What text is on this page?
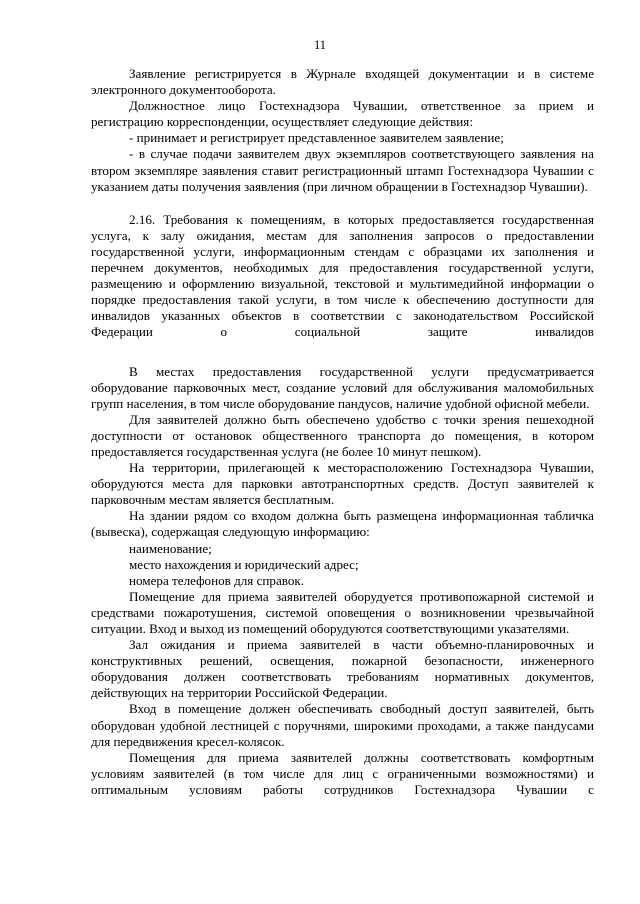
11

Заявление регистрируется в Журнале входящей документации и в системе электронного документооборота.

Должностное лицо Гостехнадзора Чувашии, ответственное за прием и регистрацию корреспонденции, осуществляет следующие действия:

- принимает и регистрирует представленное заявителем заявление;

- в случае подачи заявителем двух экземпляров соответствующего заявления на втором экземпляре заявления ставит регистрационный штамп Гостехнадзора Чувашии с указанием даты получения заявления (при личном обращении в Гостехнадзор Чувашии).

2.16. Требования к помещениям, в которых предоставляется государственная услуга, к залу ожидания, местам для заполнения запросов о предоставлении государственной услуги, информационным стендам с образцами их заполнения и перечнем документов, необходимых для предоставления государственной услуги, размещению и оформлению визуальной, текстовой и мультимедийной информации о порядке предоставления такой услуги, в том числе к обеспечению доступности для инвалидов указанных объектов в соответствии с законодательством Российской Федерации о социальной защите инвалидов

В местах предоставления государственной услуги предусматривается оборудование парковочных мест, создание условий для обслуживания маломобильных групп населения, в том числе оборудование пандусов, наличие удобной офисной мебели.

Для заявителей должно быть обеспечено удобство с точки зрения пешеходной доступности от остановок общественного транспорта до помещения, в котором предоставляется государственная услуга (не более 10 минут пешком).

На территории, прилегающей к месторасположению Гостехнадзора Чувашии, оборудуются места для парковки автотранспортных средств. Доступ заявителей к парковочным местам является бесплатным.

На здании рядом со входом должна быть размещена информационная табличка (вывеска), содержащая следующую информацию:

наименование;

место нахождения и юридический адрес;

номера телефонов для справок.

Помещение для приема заявителей оборудуется противопожарной системой и средствами пожаротушения, системой оповещения о возникновении чрезвычайной ситуации. Вход и выход из помещений оборудуются соответствующими указателями.

Зал ожидания и приема заявителей в части объемно-планировочных и конструктивных решений, освещения, пожарной безопасности, инженерного оборудования должен соответствовать требованиям нормативных документов, действующих на территории Российской Федерации.

Вход в помещение должен обеспечивать свободный доступ заявителей, быть оборудован удобной лестницей с поручнями, широкими проходами, а также пандусами для передвижения кресел-колясок.

Помещения для приема заявителей должны соответствовать комфортным условиям заявителей (в том числе для лиц с ограниченными возможностями) и оптимальным условиям работы сотрудников Гостехнадзора Чувашии с
